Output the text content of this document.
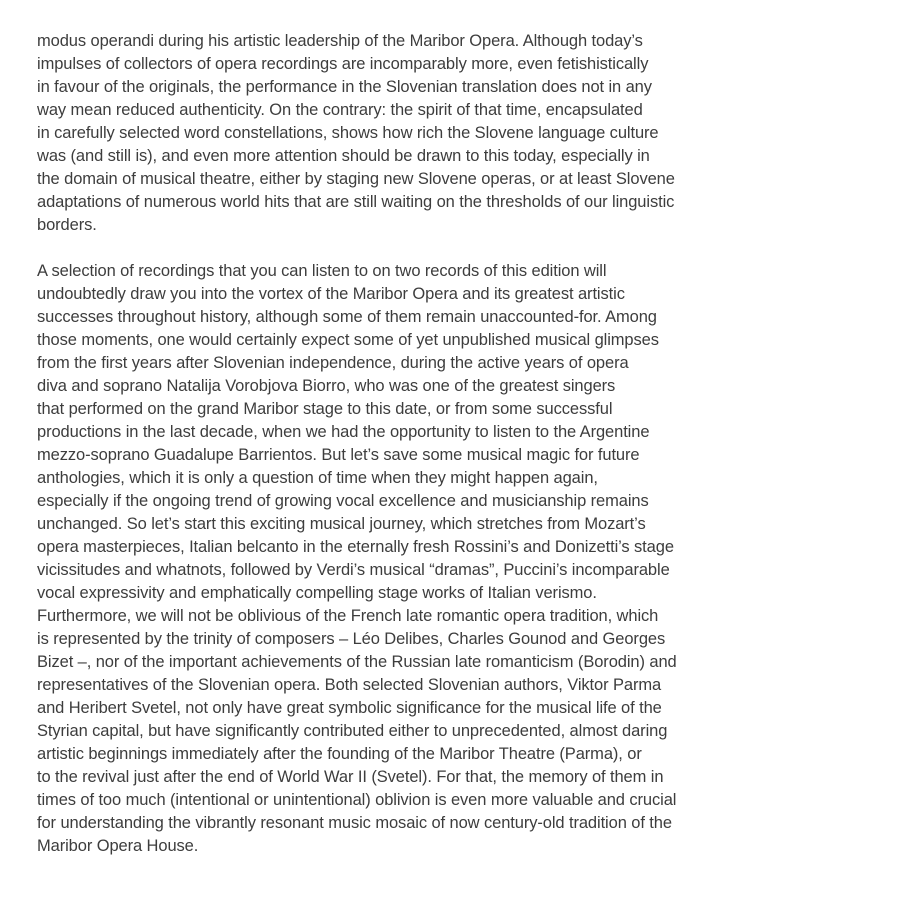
modus operandi during his artistic leadership of the Maribor Opera. Although today’s
impulses of collectors of opera recordings are incomparably more, even fetishistically
in favour of the originals, the performance in the Slovenian translation does not in any
way mean reduced authenticity. On the contrary: the spirit of that time, encapsulated
in carefully selected word constellations, shows how rich the Slovene language culture
was (and still is), and even more attention should be drawn to this today, especially in
the domain of musical theatre, either by staging new Slovene operas, or at least Slovene
adaptations of numerous world hits that are still waiting on the thresholds of our linguistic
borders.

A selection of recordings that you can listen to on two records of this edition will
undoubtedly draw you into the vortex of the Maribor Opera and its greatest artistic
successes throughout history, although some of them remain unaccounted-for. Among
those moments, one would certainly expect some of yet unpublished musical glimpses
from the first years after Slovenian independence, during the active years of opera
diva and soprano Natalija Vorobjova Biorro, who was one of the greatest singers
that performed on the grand Maribor stage to this date, or from some successful
productions in the last decade, when we had the opportunity to listen to the Argentine
mezzo-soprano Guadalupe Barrientos. But let’s save some musical magic for future
anthologies, which it is only a question of time when they might happen again,
especially if the ongoing trend of growing vocal excellence and musicianship remains
unchanged. So let’s start this exciting musical journey, which stretches from Mozart’s
opera masterpieces, Italian belcanto in the eternally fresh Rossini’s and Donizetti’s stage
vicissitudes and whatnots, followed by Verdi’s musical “dramas”, Puccini’s incomparable
vocal expressivity and emphatically compelling stage works of Italian verismo.
Furthermore, we will not be oblivious of the French late romantic opera tradition, which
is represented by the trinity of composers – Léo Delibes, Charles Gounod and Georges
Bizet –, nor of the important achievements of the Russian late romanticism (Borodin) and
representatives of the Slovenian opera. Both selected Slovenian authors, Viktor Parma
and Heribert Svetel, not only have great symbolic significance for the musical life of the
Styrian capital, but have significantly contributed either to unprecedented, almost daring
artistic beginnings immediately after the founding of the Maribor Theatre (Parma), or
to the revival just after the end of World War II (Svetel). For that, the memory of them in
times of too much (intentional or unintentional) oblivion is even more valuable and crucial
for understanding the vibrantly resonant music mosaic of now century-old tradition of the
Maribor Opera House.
